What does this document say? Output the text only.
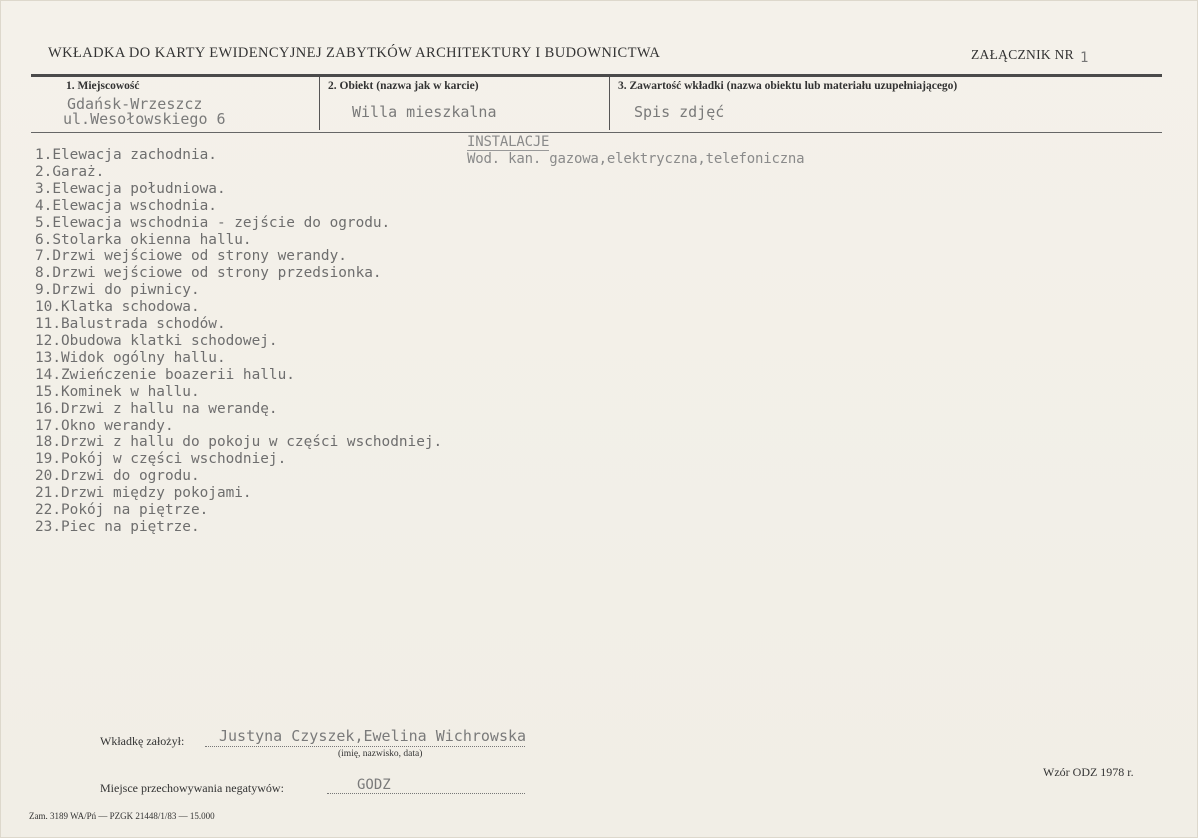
WKŁADKA DO KARTY EWIDENCYJNEJ ZABYTKÓW ARCHITEKTURY I BUDOWNICTWA	ZAŁĄCZNIK NR 1
1. Miejscowość
Gdańsk-Wrzeszcz
ul.Wesołowskiego 6
2. Obiekt (nazwa jak w karcie)
Willa mieszkalna
3. Zawartość wkładki (nazwa obiektu lub materiału uzupełniającego)
Spis zdjęć
1.Elewacja zachodnia.
2.Garaż.
3.Elewacja południowa.
4.Elewacja wschodnia.
5.Elewacja wschodnia - zejście do ogrodu.
6.Stolarka okienna hallu.
7.Drzwi wejściowe od strony werandy.
8.Drzwi wejściowe od strony przedsionka.
9.Drzwi do piwnicy.
10.Klatka schodowa.
11.Balustrada schodów.
12.Obudowa klatki schodowej.
13.Widok ogólny hallu.
14.Zwieńczenie boazerii hallu.
15.Kominek w hallu.
16.Drzwi z hallu na werandę.
17.Okno werandy.
18.Drzwi z hallu do pokoju w części wschodniej.
19.Pokój w części wschodniej.
20.Drzwi do ogrodu.
21.Drzwi między pokojami.
22.Pokój na piętrze.
23.Piec na piętrze.
INSTALACJE
Wod. kan. gazowa,elektryczna,telefoniczna
Wkładkę założył: Justyna Czyszek,Ewelina Wichrowska
(imię, nazwisko, data)
Miejsce przechowywania negatywów:	GODZ
Wzór ODZ 1978 r.
Zam. 3189 WA/Pń — PZGK 21448/1/83 — 15.000
